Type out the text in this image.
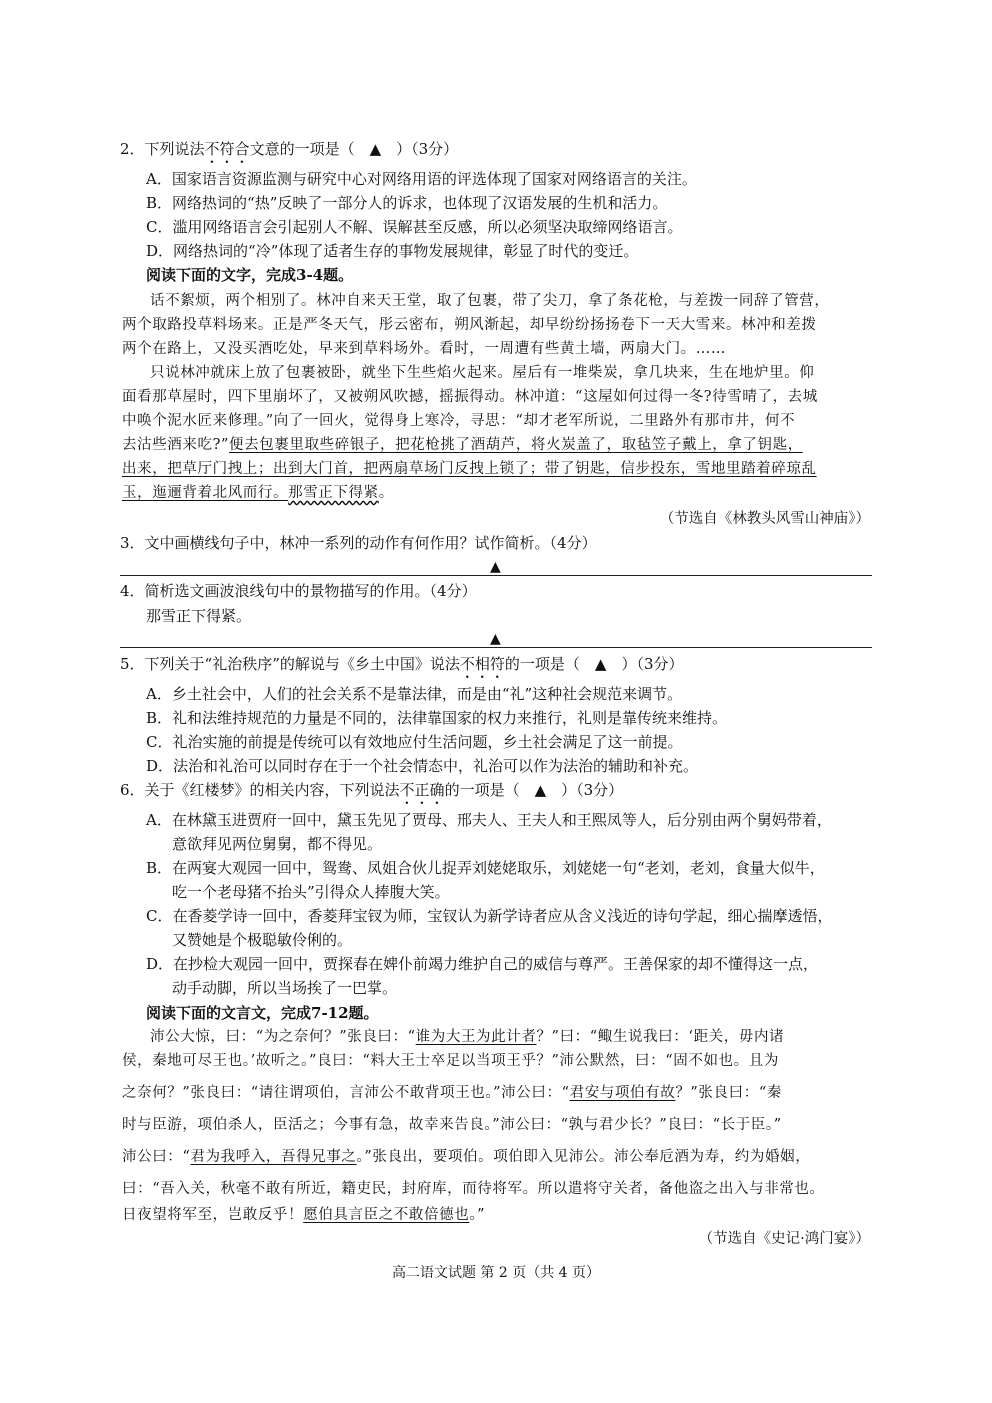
2．下列说法不符合文意的一项是（　▲　）（3分）
A．国家语言资源监测与研究中心对网络用语的评选体现了国家对网络语言的关注。
B．网络热词的“热”反映了一部分人的诉求，也体现了汉语发展的生机和活力。
C．滥用网络语言会引起别人不解、误解甚至反感，所以必须坚决取缔网络语言。
D．网络热词的“冷”体现了适者生存的事物发展规律，彰显了时代的变迁。
阅读下面的文字，完成3-4题。
话不絮烦，两个相别了。林冲自来天王堂，取了包裹，带了尖刀，拿了条花枪，与差拨一同辞了管营，
两个取路投草料场来。正是严冬天气，彤云密布，朔风渐起，却早纷纷扬扬卷下一天大雪来。林冲和差拨
两个在路上，又没买酒吃处，早来到草料场外。看时，一周遭有些黄土墙，两扇大门。……
只说林冲就床上放了包裹被卧，就坐下生些焰火起来。屋后有一堆柴炭，拿几块来，生在地炉里。仰
面看那草屋时，四下里崩坏了，又被朔风吹撼，摇振得动。林冲道：“这屋如何过得一冬?待雪晴了，去城
中唤个泥水匠来修理。”向了一回火，觉得身上寒冷，寻思：“却才老军所说，二里路外有那市井，何不
去沽些酒来吃?”便去包裹里取些碎银子，把花枪挑了酒葫芦，将火炭盖了，取毡笠子戴上，拿了钥匙，
出来，把草厅门拽上；出到大门首，把两扇草场门反拽上锁了；带了钥匙，信步投东，雪地里踏着碎琼乱
玉，迤逦背着北风而行。那雪正下得紧。
（节选自《林教头风雪山神庙》）
3．文中画横线句子中，林冲一系列的动作有何作用？试作简析。（4分）
▲
4．简析选文画波浪线句中的景物描写的作用。（4分）
那雪正下得紧。
▲
5．下列关于“礼治秩序”的解说与《乡土中国》说法不相符的一项是（　▲　）（3分）
A．乡土社会中，人们的社会关系不是靠法律，而是由“礼”这种社会规范来调节。
B．礼和法维持规范的力量是不同的，法律靠国家的权力来推行，礼则是靠传统来维持。
C．礼治实施的前提是传统可以有效地应付生活问题，乡土社会满足了这一前提。
D．法治和礼治可以同时存在于一个社会情态中，礼治可以作为法治的辅助和补充。
6．关于《红楼梦》的相关内容，下列说法不正确的一项是（　▲　）（3分）
A．在林黛玉进贾府一回中，黛玉先见了贾母、邢夫人、王夫人和王熙凤等人，后分别由两个舅妈带着，
意欲拜见两位舅舅，都不得见。
B．在两宴大观园一回中，鸳鸯、凤姐合伙儿捉弄刘姥姥取乐，刘姥姥一句“老刘，老刘，食量大似牛，
吃一个老母猪不抬头”引得众人捧腹大笑。
C．在香菱学诗一回中，香菱拜宝钗为师，宝钗认为新学诗者应从含义浅近的诗句学起，细心揣摩透悟，
又赞她是个极聪敏伶俐的。
D．在抄检大观园一回中，贾探春在婢仆前竭力维护自己的威信与尊严。王善保家的却不懂得这一点，
动手动脚，所以当场挨了一巴掌。
阅读下面的文言文，完成7-12题。
沛公大惊，曰：“为之奈何？”张良曰：“谁为大王为此计者？”曰：“鲰生说我曰：‘距关，毋内诸
侯，秦地可尽王也。’故听之。”良曰：“料大王士卒足以当项王乎？”沛公默然，曰：“固不如也。且为
之奈何？”张良曰：“请往谓项伯，言沛公不敢背项王也。”沛公曰：“君安与项伯有故？”张良曰：“秦
时与臣游，项伯杀人，臣活之；今事有急，故幸来告良。”沛公曰：“孰与君少长？”良曰：“长于臣。”
沛公曰：“君为我呼入，吾得兄事之。”张良出，要项伯。项伯即入见沛公。沛公奉卮酒为寿，约为婚姻，
曰：“吾入关，秋毫不敢有所近，籍吏民，封府库，而待将军。所以遣将守关者，备他盗之出入与非常也。
日夜望将军至，岂敢反乎！愿伯具言臣之不敢倍德也。”
（节选自《史记·鸿门宴》）
高二语文试题 第 2 页（共 4 页）
